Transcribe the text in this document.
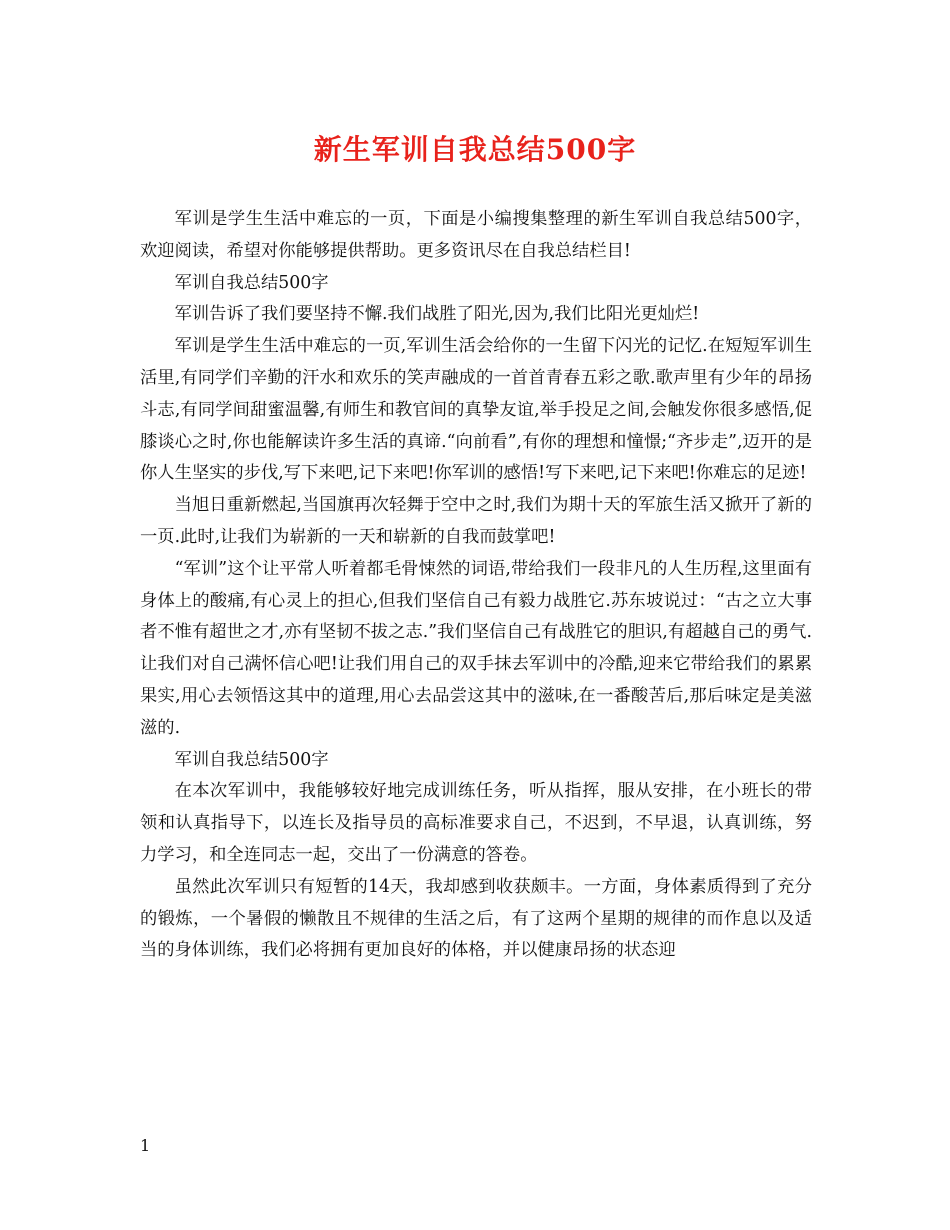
新生军训自我总结500字

军训是学生生活中难忘的一页，下面是小编搜集整理的新生军训自我总结500字，欢迎阅读，希望对你能够提供帮助。更多资讯尽在自我总结栏目!

军训自我总结500字

军训告诉了我们要坚持不懈.我们战胜了阳光,因为,我们比阳光更灿烂!

军训是学生生活中难忘的一页,军训生活会给你的一生留下闪光的记忆.在短短军训生活里,有同学们辛勤的汗水和欢乐的笑声融成的一首首青春五彩之歌.歌声里有少年的昂扬斗志,有同学间甜蜜温馨,有师生和教官间的真挚友谊,举手投足之间,会触发你很多感悟,促膝谈心之时,你也能解读许多生活的真谛.“向前看”,有你的理想和憧憬;“齐步走”,迈开的是你人生坚实的步伐,写下来吧,记下来吧!你军训的感悟!写下来吧,记下来吧!你难忘的足迹!

当旭日重新燃起,当国旗再次轻舞于空中之时,我们为期十天的军旅生活又掀开了新的一页.此时,让我们为崭新的一天和崭新的自我而鼓掌吧!

“军训”这个让平常人听着都毛骨悚然的词语,带给我们一段非凡的人生历程,这里面有身体上的酸痛,有心灵上的担心,但我们坚信自己有毅力战胜它.苏东坡说过：“古之立大事者不惟有超世之才,亦有坚韧不拔之志.”我们坚信自己有战胜它的胆识,有超越自己的勇气.让我们对自己满怀信心吧!让我们用自己的双手抹去军训中的冷酷,迎来它带给我们的累累果实,用心去领悟这其中的道理,用心去品尝这其中的滋味,在一番酸苦后,那后味定是美滋滋的.

军训自我总结500字

在本次军训中，我能够较好地完成训练任务，听从指挥，服从安排，在小班长的带领和认真指导下，以连长及指导员的高标准要求自己，不迟到，不早退，认真训练，努力学习，和全连同志一起，交出了一份满意的答卷。

虽然此次军训只有短暂的14天，我却感到收获颇丰。一方面，身体素质得到了充分的锻炼，一个暑假的懒散且不规律的生活之后，有了这两个星期的规律的而作息以及适当的身体训练，我们必将拥有更加良好的体格，并以健康昂扬的状态迎

1
